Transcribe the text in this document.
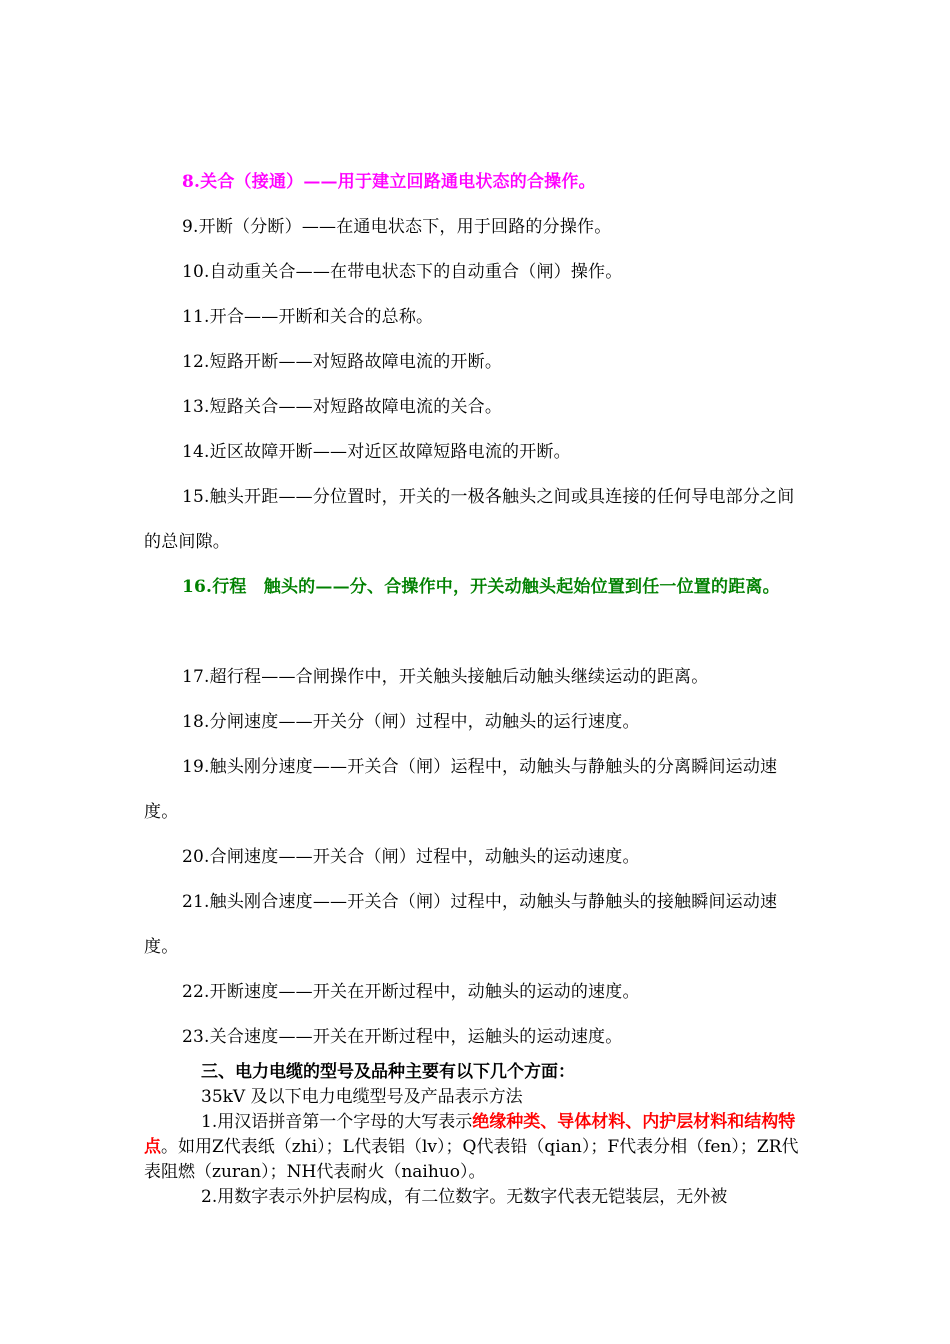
8.关合（接通）——用于建立回路通电状态的合操作。

9.开断（分断）——在通电状态下，用于回路的分操作。

10.自动重关合——在带电状态下的自动重合（闸）操作。

11.开合——开断和关合的总称。

12.短路开断——对短路故障电流的开断。

13.短路关合——对短路故障电流的关合。

14.近区故障开断——对近区故障短路电流的开断。

15.触头开距——分位置时，开关的一极各触头之间或具连接的任何导电部分之间的总间隙。

16.行程　触头的——分、合操作中，开关动触头起始位置到任一位置的距离。

17.超行程——合闸操作中，开关触头接触后动触头继续运动的距离。

18.分闸速度——开关分（闸）过程中，动触头的运行速度。

19.触头刚分速度——开关合（闸）运程中，动触头与静触头的分离瞬间运动速度。

20.合闸速度——开关合（闸）过程中，动触头的运动速度。

21.触头刚合速度——开关合（闸）过程中，动触头与静触头的接触瞬间运动速度。

22.开断速度——开关在开断过程中，动触头的运动的速度。

23.关合速度——开关在开断过程中，运触头的运动速度。

三、电力电缆的型号及品种主要有以下几个方面：

35kV 及以下电力电缆型号及产品表示方法

1.用汉语拼音第一个字母的大写表示绝缘种类、导体材料、内护层材料和结构特点。如用Z代表纸（zhi）；L代表铝（lv）；Q代表铅（qian）；F代表分相（fen）；ZR代表阻燃（zuran）；NH代表耐火（naihuo）。

2.用数字表示外护层构成，有二位数字。无数字代表无铠装层，无外被
